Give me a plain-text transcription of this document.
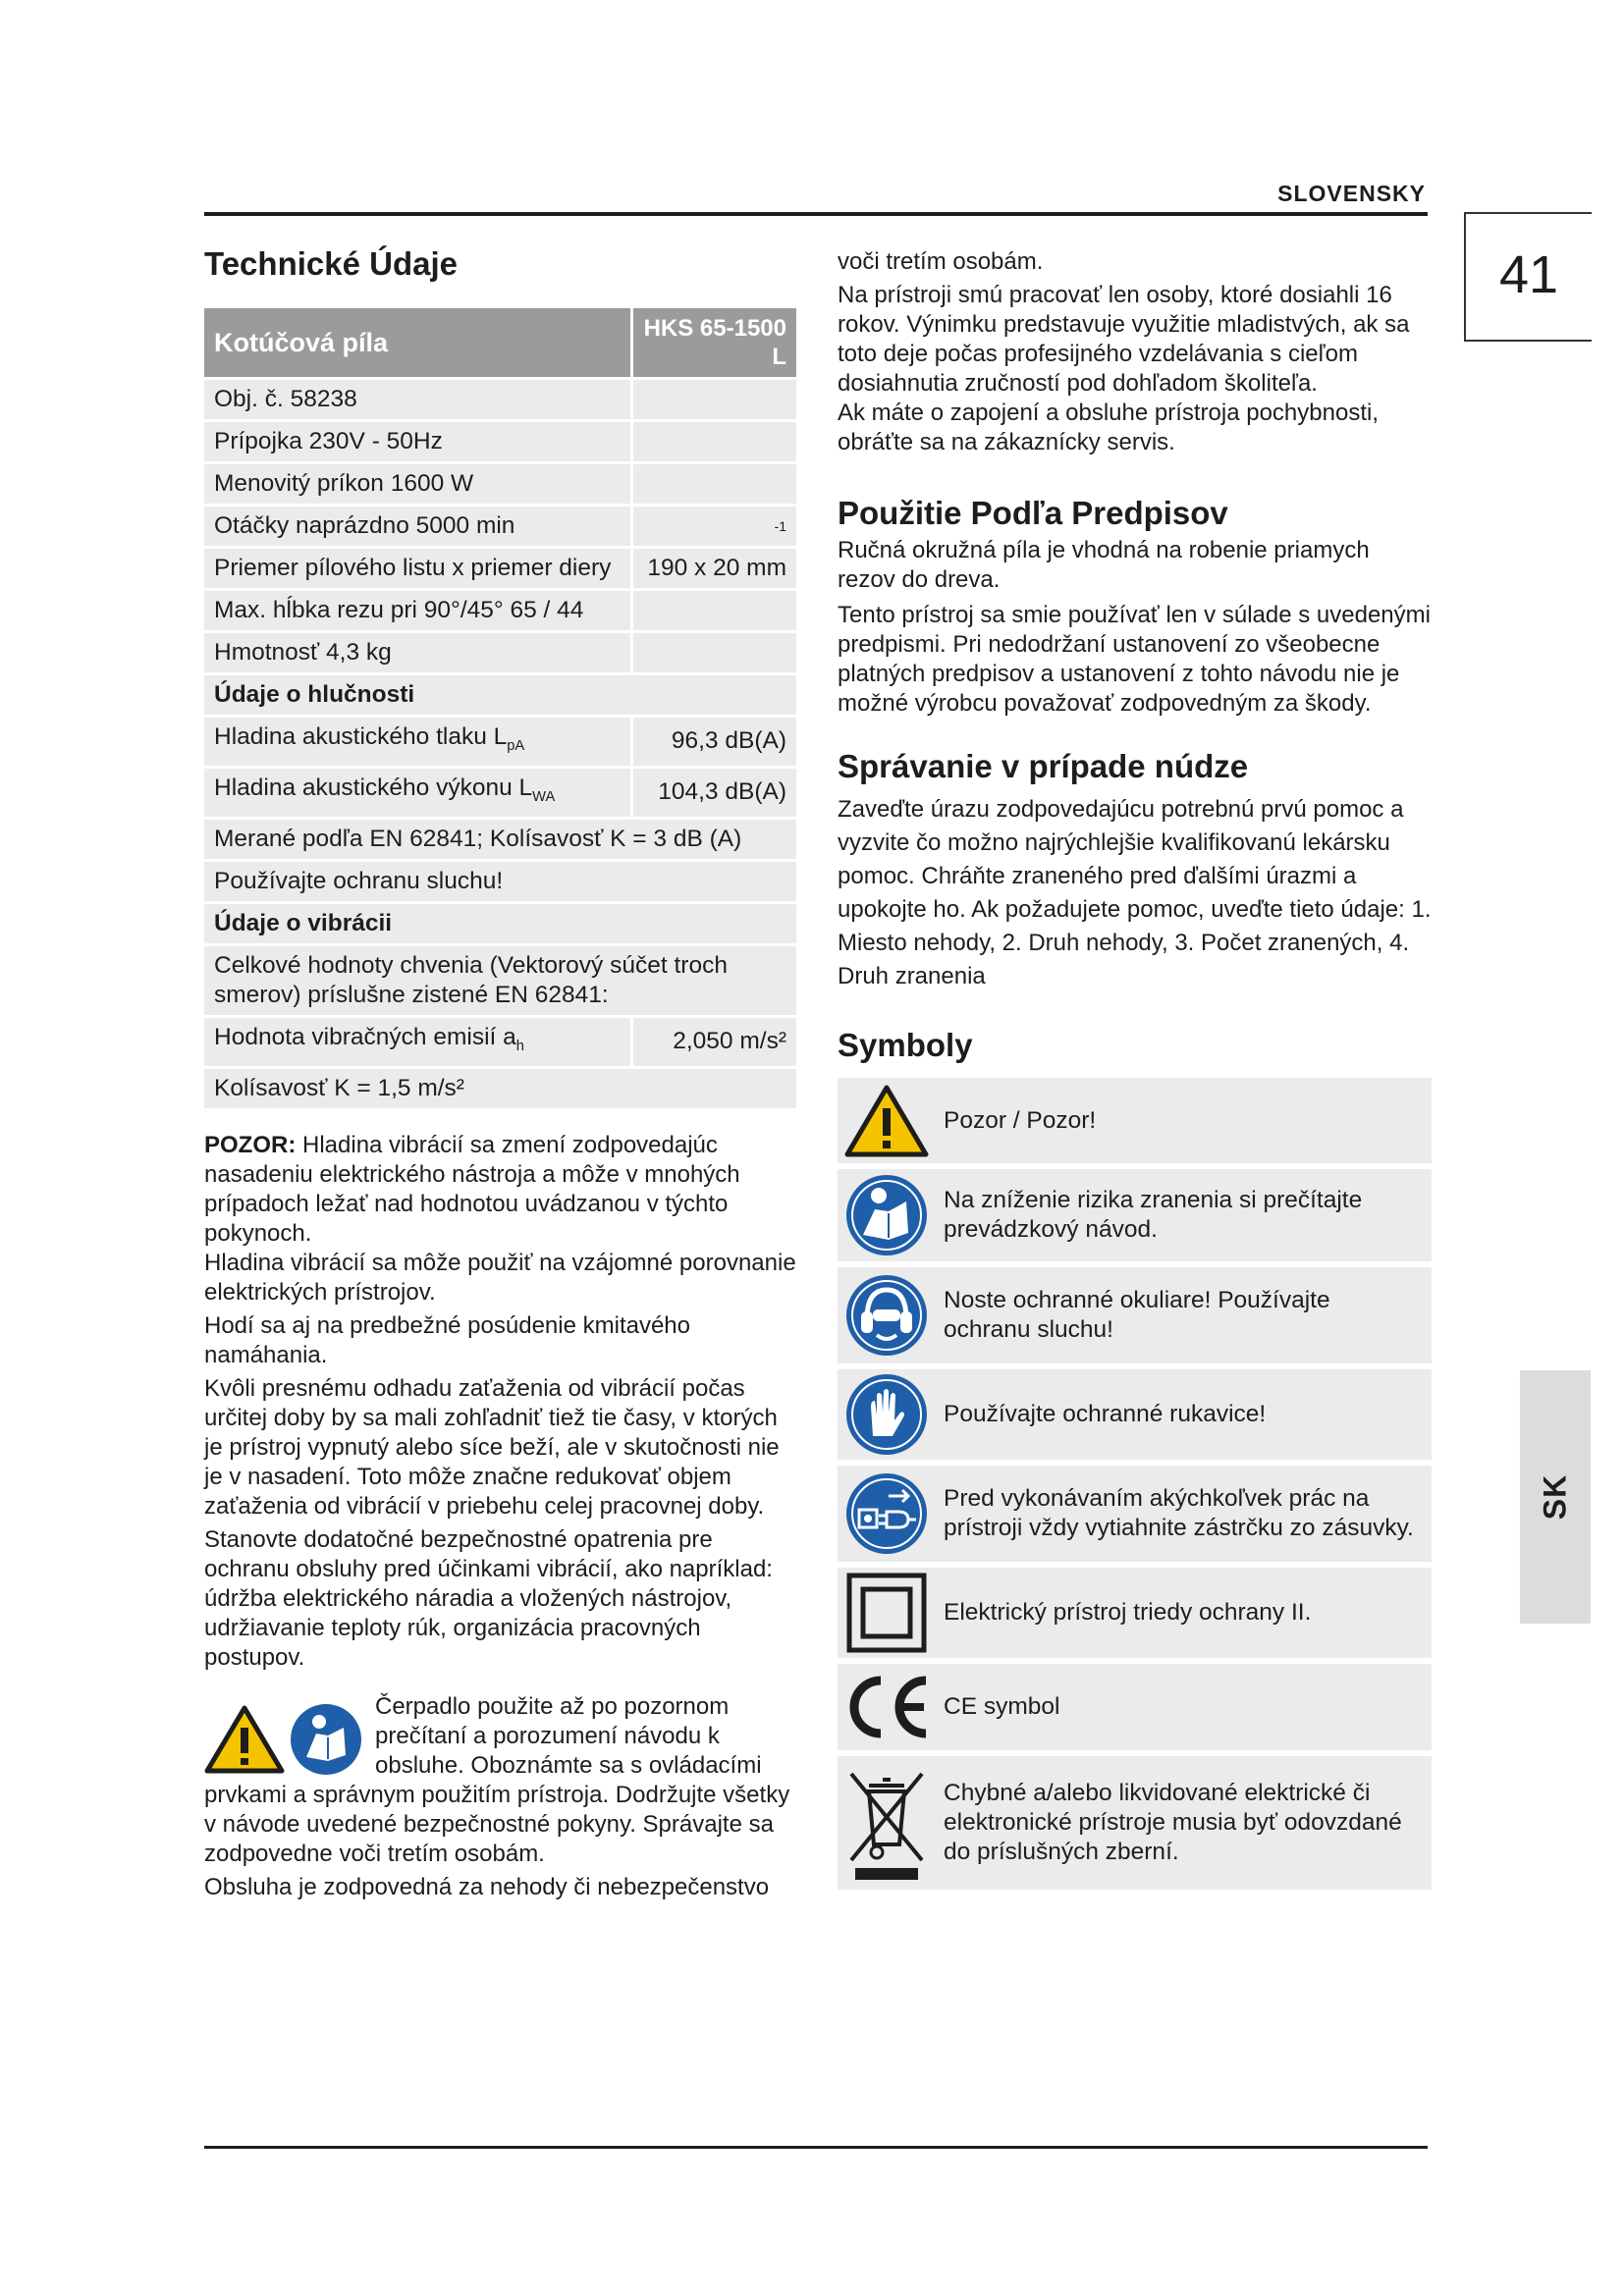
SLOVENSKY
41
SK
Technické Údaje
Kotúčová píla	HKS 65-1500 L
Obj. č. 58238	
Prípojka 230V - 50Hz	
Menovitý príkon 1600 W	
Otáčky naprázdno 5000 min	-1
Priemer pílového listu x priemer diery	190 x 20 mm
Max. hĺbka rezu pri 90°/45° 65 / 44	
Hmotnosť 4,3 kg	
Údaje o hlučnosti	
Hladina akustického tlaku $L_{pA}$	96,3 dB(A)
Hladina akustického výkonu $L_{WA}$	104,3 dB(A)
Merané podľa EN 62841; Kolísavosť K = 3 dB (A)	
Používajte ochranu sluchu!	
Údaje o vibrácii	
Celkové hodnoty chvenia (Vektorový súčet troch smerov) príslušne zistené EN 62841:	
Hodnota vibračných emisií $a_h$	2,050 m/s²
Kolísavosť K = 1,5 m/s²	

POZOR: Hladina vibrácií sa zmení zodpovedajúc nasadeniu elektrického nástroja a môže v mnohých prípadoch ležať nad hodnotou uvádzanou v týchto pokynoch.

Hladina vibrácií sa môže použiť na vzájomné porovnanie elektrických prístrojov.

Hodí sa aj na predbežné posúdenie kmitavého namáhania.

Kvôli presnému odhadu zaťaženia od vibrácií počas určitej doby by sa mali zohľadniť tiež tie časy, v ktorých je prístroj vypnutý alebo síce beží, ale v skutočnosti nie je v nasadení. Toto môže značne redukovať objem zaťaženia od vibrácií v priebehu celej pracovnej doby.

Stanovte dodatočné bezpečnostné opatrenia pre ochranu obsluhy pred účinkami vibrácií, ako napríklad: údržba elektrického náradia a vložených nástrojov, udržiavanie teploty rúk, organizácia pracovných postupov.

Čerpadlo použite až po pozornom prečítaní a porozumení návodu k obsluhe. Oboznámte sa s ovládacími prvkami a správnym použitím prístroja. Dodržujte všetky v návode uvedené bezpečnostné pokyny. Správajte sa zodpovedne voči tretím osobám.

Obsluha je zodpovedná za nehody či nebezpečenstvo

voči tretím osobám.

Na prístroji smú pracovať len osoby, ktoré dosiahli 16 rokov. Výnimku predstavuje využitie mladistvých, ak sa toto deje počas profesijného vzdelávania s cieľom dosiahnutia zručností pod dohľadom školiteľa.

Ak máte o zapojení a obsluhe prístroja pochybnosti, obráťte sa na zákaznícky servis.

Použitie Podľa Predpisov

Ručná okružná píla je vhodná na robenie priamych rezov do dreva.

Tento prístroj sa smie používať len v súlade s uvedenými predpismi. Pri nedodržaní ustanovení zo všeobecne platných predpisov a ustanovení z tohto návodu nie je možné výrobcu považovať zodpovedným za škody.

Správanie v prípade núdze

Zaveďte úrazu zodpovedajúcu potrebnú prvú pomoc a vyzvite čo možno najrýchlejšie kvalifikovanú lekársku pomoc. Chráňte zraneného pred ďalšími úrazmi a upokojte ho. Ak požadujete pomoc, uveďte tieto údaje: 1. Miesto nehody, 2. Druh nehody, 3. Počet zranených, 4. Druh zranenia

Symboly
Pozor / Pozor!
Na zníženie rizika zranenia si prečítajte prevádzkový návod.
Noste ochranné okuliare! Používajte ochranu sluchu!
Používajte ochranné rukavice!
Pred vykonávaním akýchkoľvek prác na prístroji vždy vytiahnite zástrčku zo zásuvky.
Elektrický prístroj triedy ochrany II.
CE symbol
Chybné a/alebo likvidované elektrické či elektronické prístroje musia byť odovzdané do príslušných zberní.
